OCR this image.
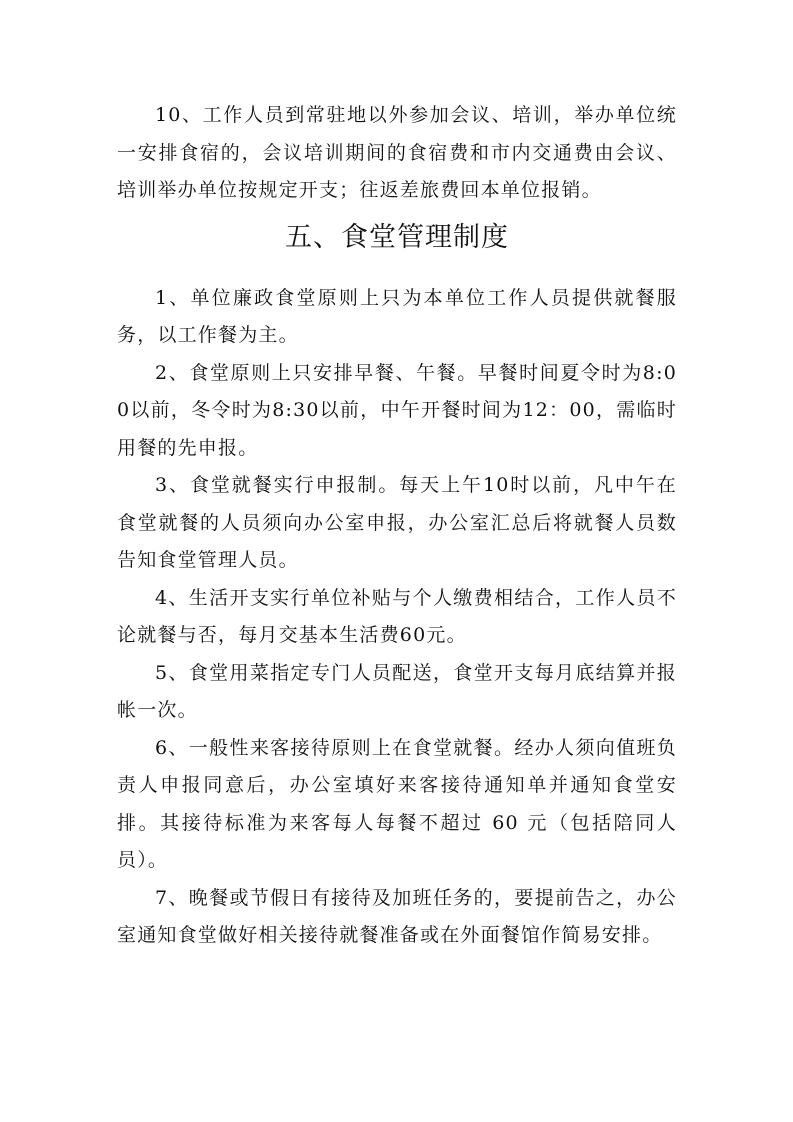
10、工作人员到常驻地以外参加会议、培训，举办单位统一安排食宿的，会议培训期间的食宿费和市内交通费由会议、培训举办单位按规定开支；往返差旅费回本单位报销。

五、食堂管理制度

1、单位廉政食堂原则上只为本单位工作人员提供就餐服务，以工作餐为主。

2、食堂原则上只安排早餐、午餐。早餐时间夏令时为8:00以前，冬令时为8:30以前，中午开餐时间为12：00，需临时用餐的先申报。

3、食堂就餐实行申报制。每天上午10时以前，凡中午在食堂就餐的人员须向办公室申报，办公室汇总后将就餐人员数告知食堂管理人员。

4、生活开支实行单位补贴与个人缴费相结合，工作人员不论就餐与否，每月交基本生活费60元。

5、食堂用菜指定专门人员配送，食堂开支每月底结算并报帐一次。

6、一般性来客接待原则上在食堂就餐。经办人须向值班负责人申报同意后，办公室填好来客接待通知单并通知食堂安排。其接待标准为来客每人每餐不超过 60 元（包括陪同人员）。

7、晚餐或节假日有接待及加班任务的，要提前告之，办公室通知食堂做好相关接待就餐准备或在外面餐馆作简易安排。
